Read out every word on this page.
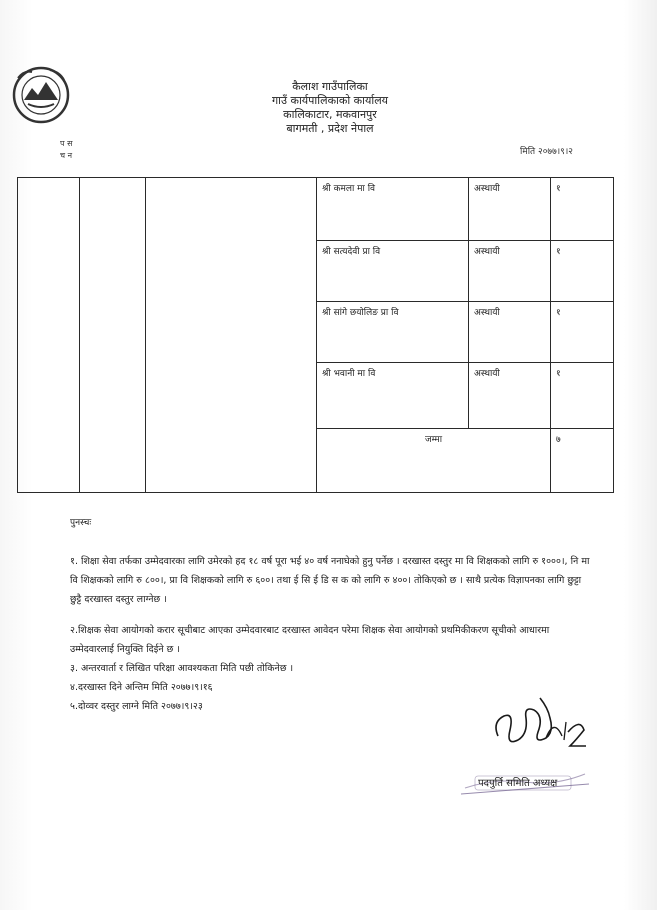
कैलाश गाउँपालिका
गाउँ कार्यपालिकाको कार्यालय
कालिकाटार, मकवानपुर
बागमती , प्रदेश नेपाल
प स
च न	मिति २०७७।९।२
			श्री कमला मा वि	अस्थायी	१
			श्री सत्यदेवी प्रा वि	अस्थायी	१
			श्री सांगे छयोलिङ प्रा वि	अस्थायी	१
			श्री भवानी मा वि	अस्थायी	१
			जम्मा		७
पुनस्चः
१. शिक्षा सेवा तर्फका उम्मेदवारका लागि उमेरको हद १८ वर्ष पूरा भई ४० वर्ष ननाघेको हुनु पर्नेछ । दरखास्त दस्तुर मा वि शिक्षकको लागि रु १०००।, नि मा वि शिक्षकको लागि रु ८००।, प्रा वि शिक्षकको लागि रु ६००। तथा ई सि ई डि स क को लागि रु ४००। तोकिएको छ । साथै प्रत्येक विज्ञापनका लागि छुट्टा छुट्टै दरखास्त दस्तुर लाग्नेछ ।
२.शिक्षक सेवा आयोगको करार सूचीबाट आएका उम्मेदवारबाट दरखास्त आवेदन परेमा शिक्षक सेवा आयोगको प्रथमिकीकरण सूचीको आधारमा उम्मेदवारलाई नियुक्ति दिईने छ ।
३. अन्तरवार्ता र लिखित परिक्षा आवश्यकता मिति पछी तोकिनेछ ।
४.दरखास्त दिने अन्तिम मिति २०७७।९।१६
५.दोव्वर दस्तुर लाग्ने मिति २०७७।९।२३
पदपुर्ति समिति अध्यक्ष
